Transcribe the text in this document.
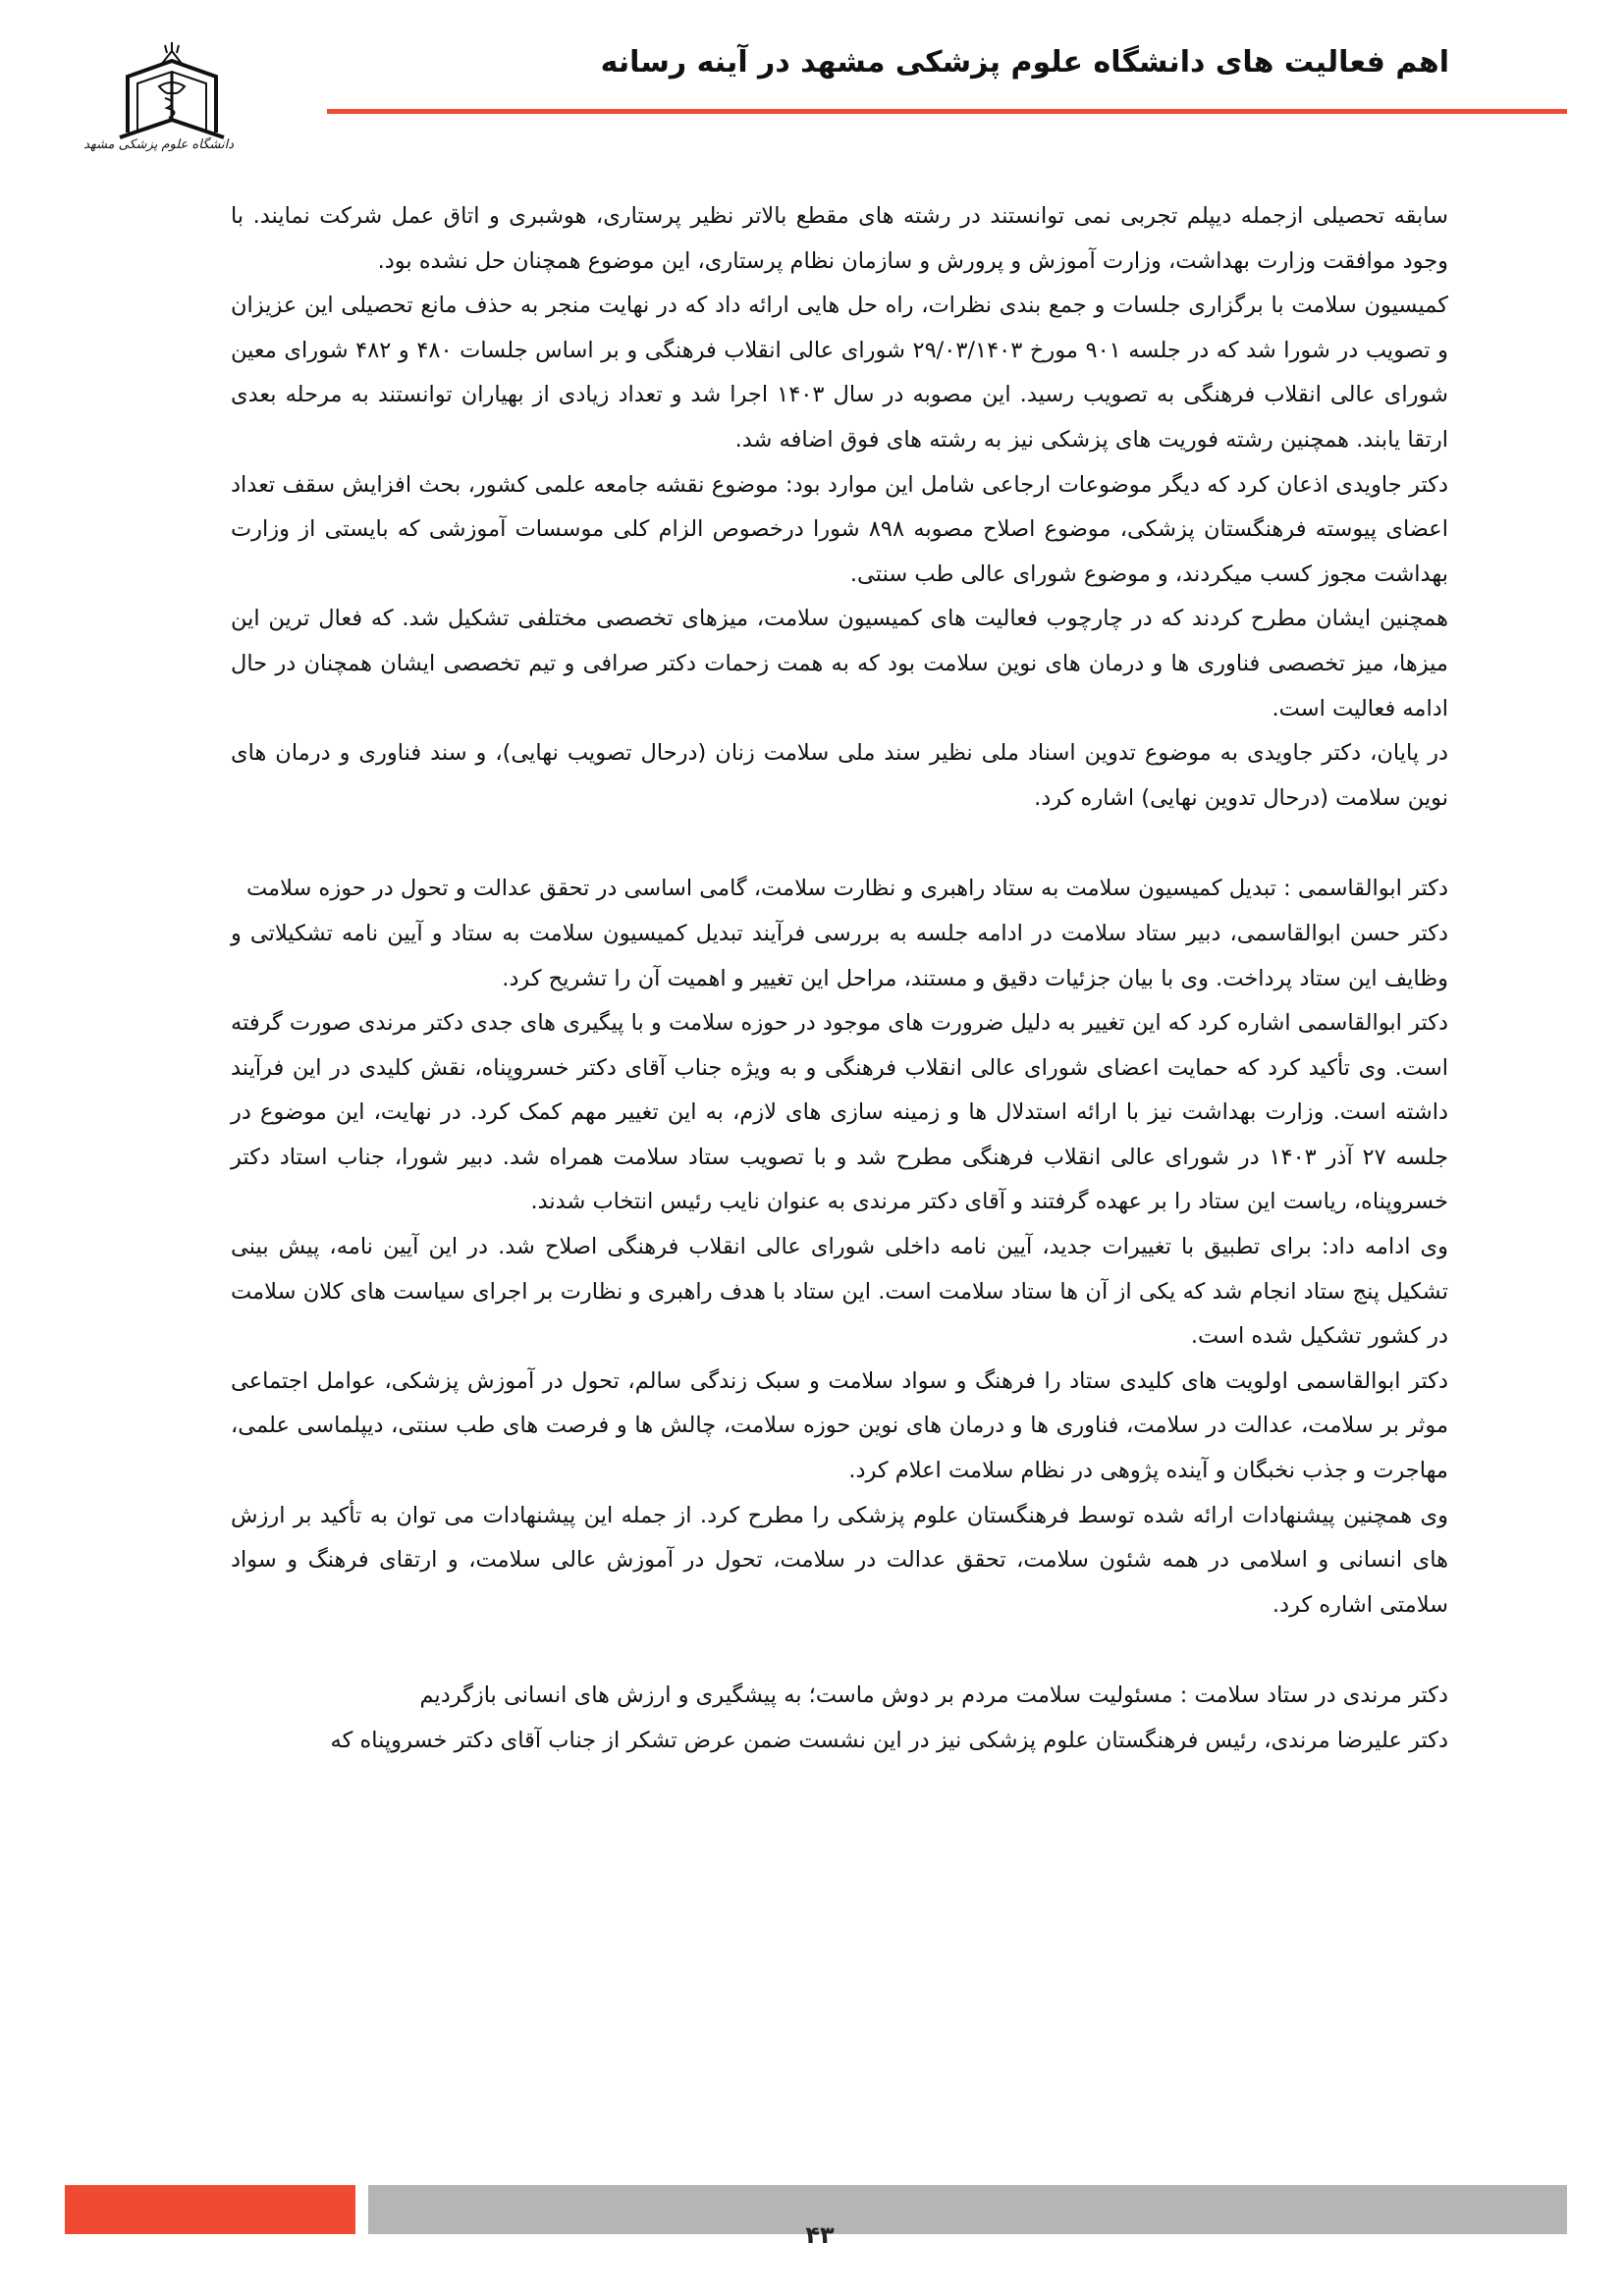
اهم فعالیت های دانشگاه علوم پزشکی مشهد در آینه رسانه
دانشگاه علوم پزشکی مشهد

سابقه تحصیلی ازجمله دیپلم تجربی نمی توانستند در رشته های مقطع بالاتر نظیر پرستاری، هوشبری و اتاق عمل شرکت نمایند. با وجود موافقت وزارت بهداشت، وزارت آموزش و پرورش و سازمان نظام پرستاری، این موضوع همچنان حل نشده بود.

کمیسیون سلامت با برگزاری جلسات و جمع بندی نظرات، راه حل هایی ارائه داد که در نهایت منجر به حذف مانع تحصیلی این عزیزان و تصویب در شورا شد که در جلسه ۹۰۱ مورخ ۲۹/۰۳/۱۴۰۳ شورای عالی انقلاب فرهنگی و بر اساس جلسات ۴۸۰ و ۴۸۲ شورای معین شورای عالی انقلاب فرهنگی به تصویب رسید. این مصوبه در سال ۱۴۰۳ اجرا شد و تعداد زیادی از بهیاران توانستند به مرحله بعدی ارتقا یابند. همچنین رشته فوریت های پزشکی نیز به رشته های فوق اضافه شد.

دکتر جاویدی اذعان کرد که دیگر موضوعات ارجاعی شامل این موارد بود: موضوع نقشه جامعه علمی کشور، بحث افزایش سقف تعداد اعضای پیوسته فرهنگستان پزشکی، موضوع اصلاح مصوبه ۸۹۸ شورا درخصوص الزام کلی موسسات آموزشی که بایستی از وزارت بهداشت مجوز کسب میکردند، و موضوع شورای عالی طب سنتی.

همچنین ایشان مطرح کردند که در چارچوب فعالیت های کمیسیون سلامت، میزهای تخصصی مختلفی تشکیل شد. که فعال ترین این میزها، میز تخصصی فناوری ها و درمان های نوین سلامت بود که به همت زحمات دکتر صرافی و تیم تخصصی ایشان همچنان در حال ادامه فعالیت است.

در پایان، دکتر جاویدی به موضوع تدوین اسناد ملی نظیر سند ملی سلامت زنان (درحال تصویب نهایی)، و سند فناوری و درمان های نوین سلامت (درحال تدوین نهایی) اشاره کرد.

دکتر ابوالقاسمی : تبدیل کمیسیون سلامت به ستاد راهبری و نظارت سلامت، گامی اساسی در تحقق عدالت و تحول در حوزه سلامت

دکتر حسن ابوالقاسمی، دبیر ستاد سلامت در ادامه جلسه به بررسی فرآیند تبدیل کمیسیون سلامت به ستاد و آیین نامه تشکیلاتی و وظایف این ستاد پرداخت. وی با بیان جزئیات دقیق و مستند، مراحل این تغییر و اهمیت آن را تشریح کرد.

دکتر ابوالقاسمی اشاره کرد که این تغییر به دلیل ضرورت های موجود در حوزه سلامت و با پیگیری های جدی دکتر مرندی صورت گرفته است. وی تأکید کرد که حمایت اعضای شورای عالی انقلاب فرهنگی و به ویژه جناب آقای دکتر خسروپناه، نقش کلیدی در این فرآیند داشته است. وزارت بهداشت نیز با ارائه استدلال ها و زمینه سازی های لازم، به این تغییر مهم کمک کرد. در نهایت، این موضوع در جلسه ۲۷ آذر ۱۴۰۳ در شورای عالی انقلاب فرهنگی مطرح شد و با تصویب ستاد سلامت همراه شد. دبیر شورا، جناب استاد دکتر خسروپناه، ریاست این ستاد را بر عهده گرفتند و آقای دکتر مرندی به عنوان نایب رئیس انتخاب شدند.

وی ادامه داد: برای تطبیق با تغییرات جدید، آیین نامه داخلی شورای عالی انقلاب فرهنگی اصلاح شد. در این آیین نامه، پیش بینی تشکیل پنج ستاد انجام شد که یکی از آن ها ستاد سلامت است. این ستاد با هدف راهبری و نظارت بر اجرای سیاست های کلان سلامت در کشور تشکیل شده است.

دکتر ابوالقاسمی اولویت های کلیدی ستاد را فرهنگ و سواد سلامت و سبک زندگی سالم، تحول در آموزش پزشکی، عوامل اجتماعی موثر بر سلامت، عدالت در سلامت، فناوری ها و درمان های نوین حوزه سلامت، چالش ها و فرصت های طب سنتی، دیپلماسی علمی، مهاجرت و جذب نخبگان و آینده پژوهی در نظام سلامت اعلام کرد.

وی همچنین پیشنهادات ارائه شده توسط فرهنگستان علوم پزشکی را مطرح کرد. از جمله این پیشنهادات می توان به تأکید بر ارزش های انسانی و اسلامی در همه شئون سلامت، تحقق عدالت در سلامت، تحول در آموزش عالی سلامت، و ارتقای فرهنگ و سواد سلامتی اشاره کرد.

دکتر مرندی در ستاد سلامت : مسئولیت سلامت مردم بر دوش ماست؛ به پیشگیری و ارزش های انسانی بازگردیم

دکتر علیرضا مرندی، رئیس فرهنگستان علوم پزشکی نیز در این نشست ضمن عرض تشکر از جناب آقای دکتر خسروپناه که

۴۳
